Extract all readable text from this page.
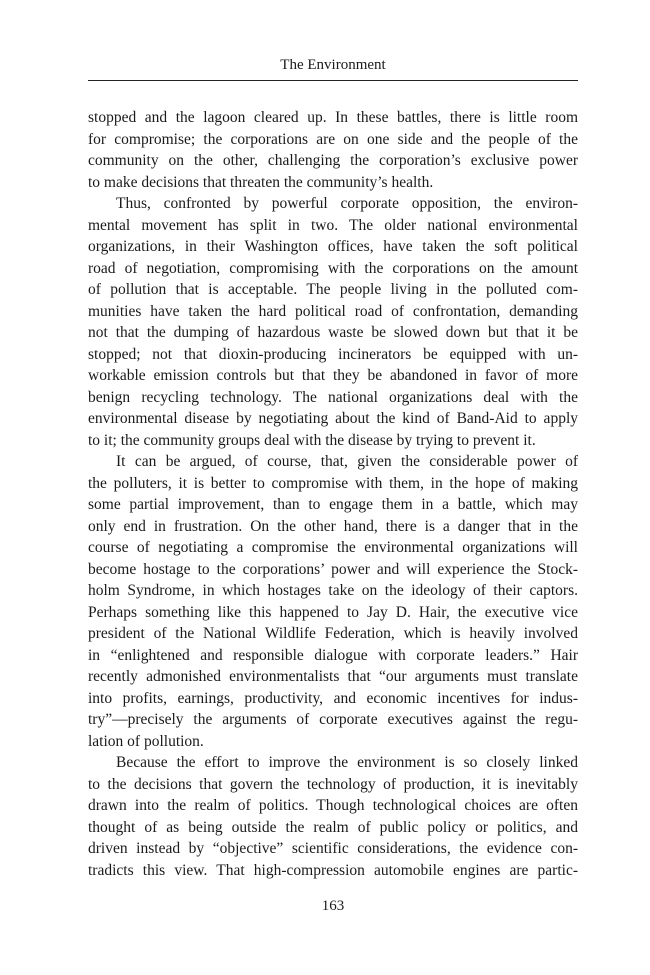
The Environment
stopped and the lagoon cleared up. In these battles, there is little room
for compromise; the corporations are on one side and the people of the
community on the other, challenging the corporation’s exclusive power
to make decisions that threaten the community’s health.
Thus, confronted by powerful corporate opposition, the environ-
mental movement has split in two. The older national environmental
organizations, in their Washington offices, have taken the soft political
road of negotiation, compromising with the corporations on the amount
of pollution that is acceptable. The people living in the polluted com-
munities have taken the hard political road of confrontation, demanding
not that the dumping of hazardous waste be slowed down but that it be
stopped; not that dioxin-producing incinerators be equipped with un-
workable emission controls but that they be abandoned in favor of more
benign recycling technology. The national organizations deal with the
environmental disease by negotiating about the kind of Band-Aid to apply
to it; the community groups deal with the disease by trying to prevent it.
It can be argued, of course, that, given the considerable power of
the polluters, it is better to compromise with them, in the hope of making
some partial improvement, than to engage them in a battle, which may
only end in frustration. On the other hand, there is a danger that in the
course of negotiating a compromise the environmental organizations will
become hostage to the corporations’ power and will experience the Stock-
holm Syndrome, in which hostages take on the ideology of their captors.
Perhaps something like this happened to Jay D. Hair, the executive vice
president of the National Wildlife Federation, which is heavily involved
in “enlightened and responsible dialogue with corporate leaders.” Hair
recently admonished environmentalists that “our arguments must translate
into profits, earnings, productivity, and economic incentives for indus-
try”—precisely the arguments of corporate executives against the regu-
lation of pollution.
Because the effort to improve the environment is so closely linked
to the decisions that govern the technology of production, it is inevitably
drawn into the realm of politics. Though technological choices are often
thought of as being outside the realm of public policy or politics, and
driven instead by “objective” scientific considerations, the evidence con-
tradicts this view. That high-compression automobile engines are partic-
163
